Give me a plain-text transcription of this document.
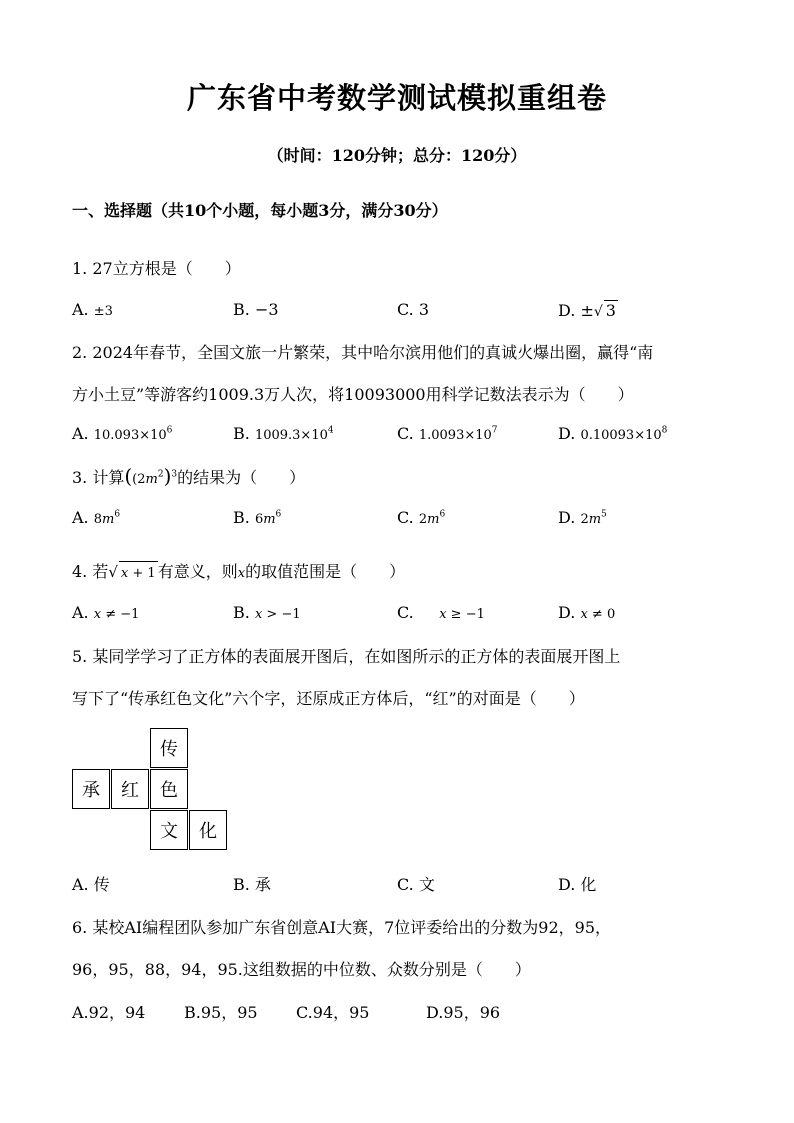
广东省中考数学测试模拟重组卷
（时间：120分钟；总分：120分）
一、选择题（共10个小题，每小题3分，满分30分）
1. 27立方根是（　　）
A. ±3	B. −3	C. 3	D. ±√ 3
2. 2024年春节，全国文旅一片繁荣，其中哈尔滨用他们的真诚火爆出圈，赢得“南
方小土豆”等游客约1009.3万人次，将10093000用科学记数法表示为（　　）
A. $10.093\times 10^6$	B. $1009.3\times 10^4$	C. $1.0093\times 10^7$	D. $0.10093\times 10^8$
3. 计算($(2m^2)^3$的结果为（　　）
A. $8m^6$	B. $6m^6$	C. $2m^6$	D. $2m^5$
4. 若√ x + 1 有意义，则x的取值范围是（　　）
A. x ≠ −1	B. x > −1	C. x ≥ −1	D. x ≠ 0
5. 某同学学习了正方体的表面展开图后，在如图所示的正方体的表面展开图上
写下了“传承红色文化”六个字，还原成正方体后，“红”的对面是（　　）
传
承	红	色
文	化
A. 传	B. 承	C. 文	D. 化
6. 某校AI编程团队参加广东省创意AI大赛，7位评委给出的分数为92，95，
96，95，88，94，95.这组数据的中位数、众数分别是（　　）
A.92，94 B.95，95 C.94，95	D.95，96
